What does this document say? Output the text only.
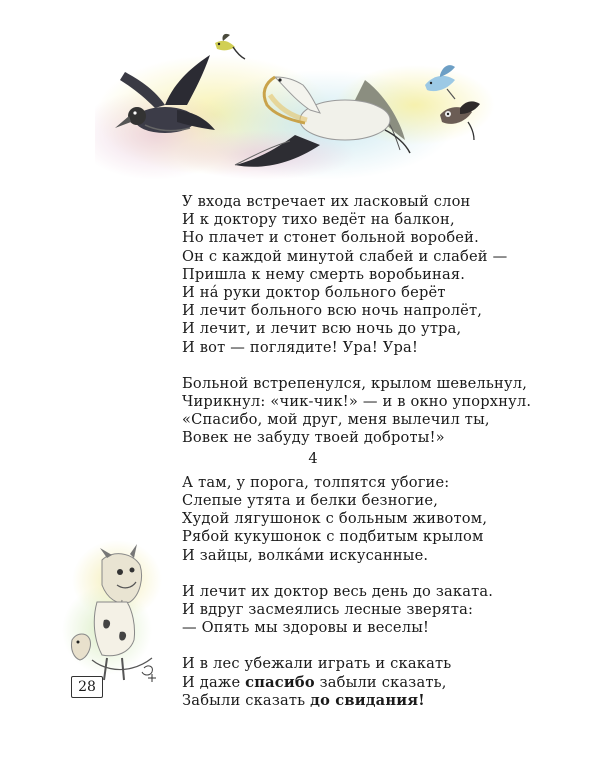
У входа встречает их ласковый слон
И к доктору тихо ведёт на балкон,
Но плачет и стонет больной воробей.
Он с каждой минутой слабей и слабей —
Пришла к нему смерть воробьиная.
И нá руки доктор больного берёт
И лечит больного всю ночь напролёт,
И лечит, и лечит всю ночь до утра,
И вот — поглядите! Ура! Ура!
Больной встрепенулся, крылом шевельнул,
Чирикнул: «чик-чик!» — и в окно упорхнул.
«Спасибо, мой друг, меня вылечил ты,
Вовек не забуду твоей доброты!»
4
А там, у порога, толпятся убогие:
Слепые утята и белки безногие,
Худой лягушонок с больным животом,
Рябой кукушонок с подбитым крылом
И зайцы, волкáми искусанные.
И лечит их доктор весь день до заката.
И вдруг засмеялись лесные зверята:
— Опять мы здоровы и веселы!
И в лес убежали играть и скакать
И даже спасибо забыли сказать,
Забыли сказать до свидания!
28
